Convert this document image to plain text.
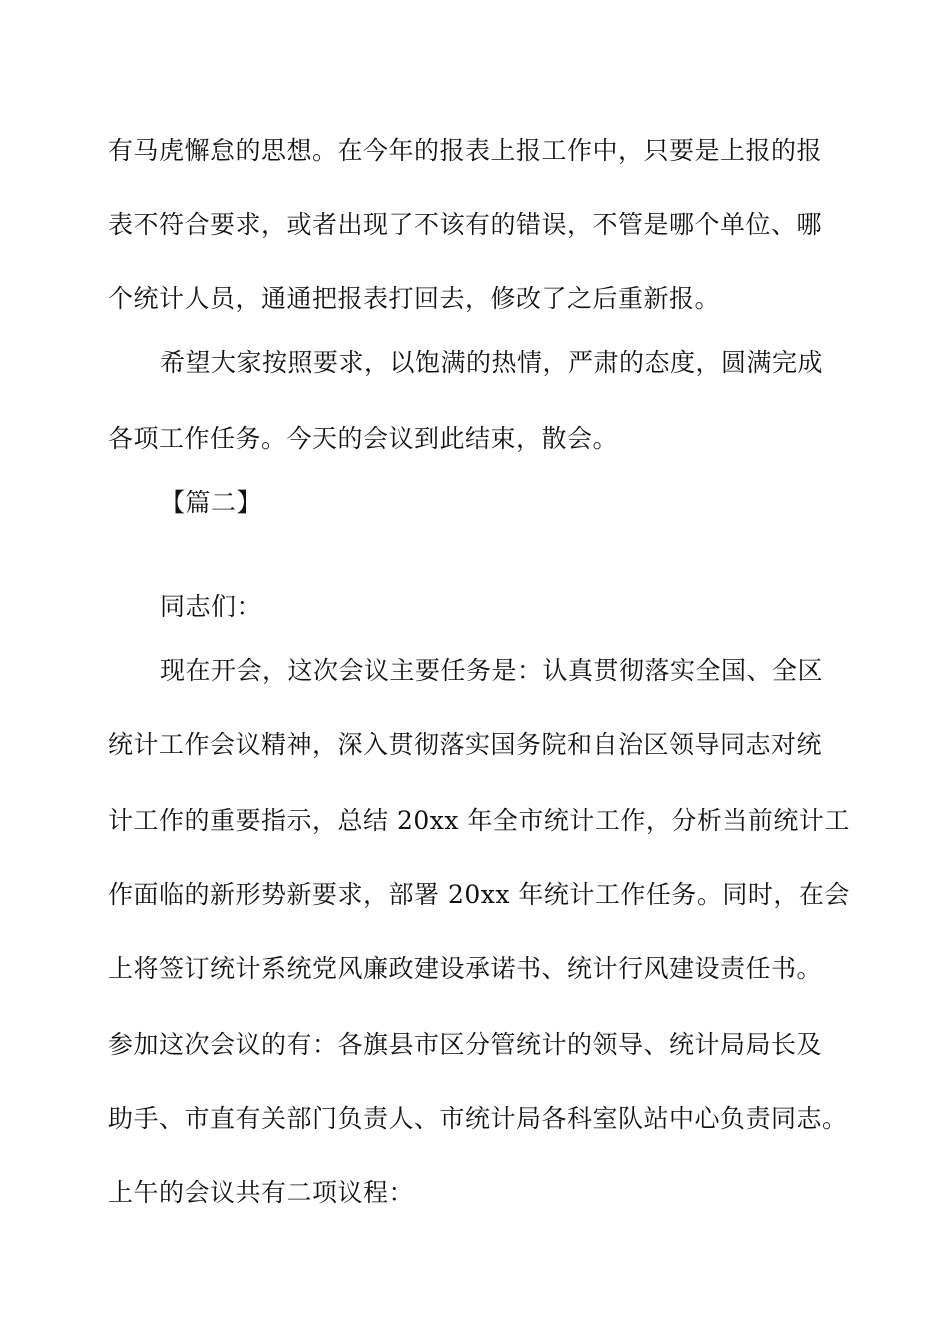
有马虎懈怠的思想。在今年的报表上报工作中，只要是上报的报
表不符合要求，或者出现了不该有的错误，不管是哪个单位、哪
个统计人员，通通把报表打回去，修改了之后重新报。
希望大家按照要求，以饱满的热情，严肃的态度，圆满完成
各项工作任务。今天的会议到此结束，散会。
【篇二】
同志们：
现在开会，这次会议主要任务是：认真贯彻落实全国、全区
统计工作会议精神，深入贯彻落实国务院和自治区领导同志对统
计工作的重要指示，总结 20xx 年全市统计工作，分析当前统计工
作面临的新形势新要求，部署 20xx 年统计工作任务。同时，在会
上将签订统计系统党风廉政建设承诺书、统计行风建设责任书。
参加这次会议的有：各旗县市区分管统计的领导、统计局局长及
助手、市直有关部门负责人、市统计局各科室队站中心负责同志。
上午的会议共有二项议程：
